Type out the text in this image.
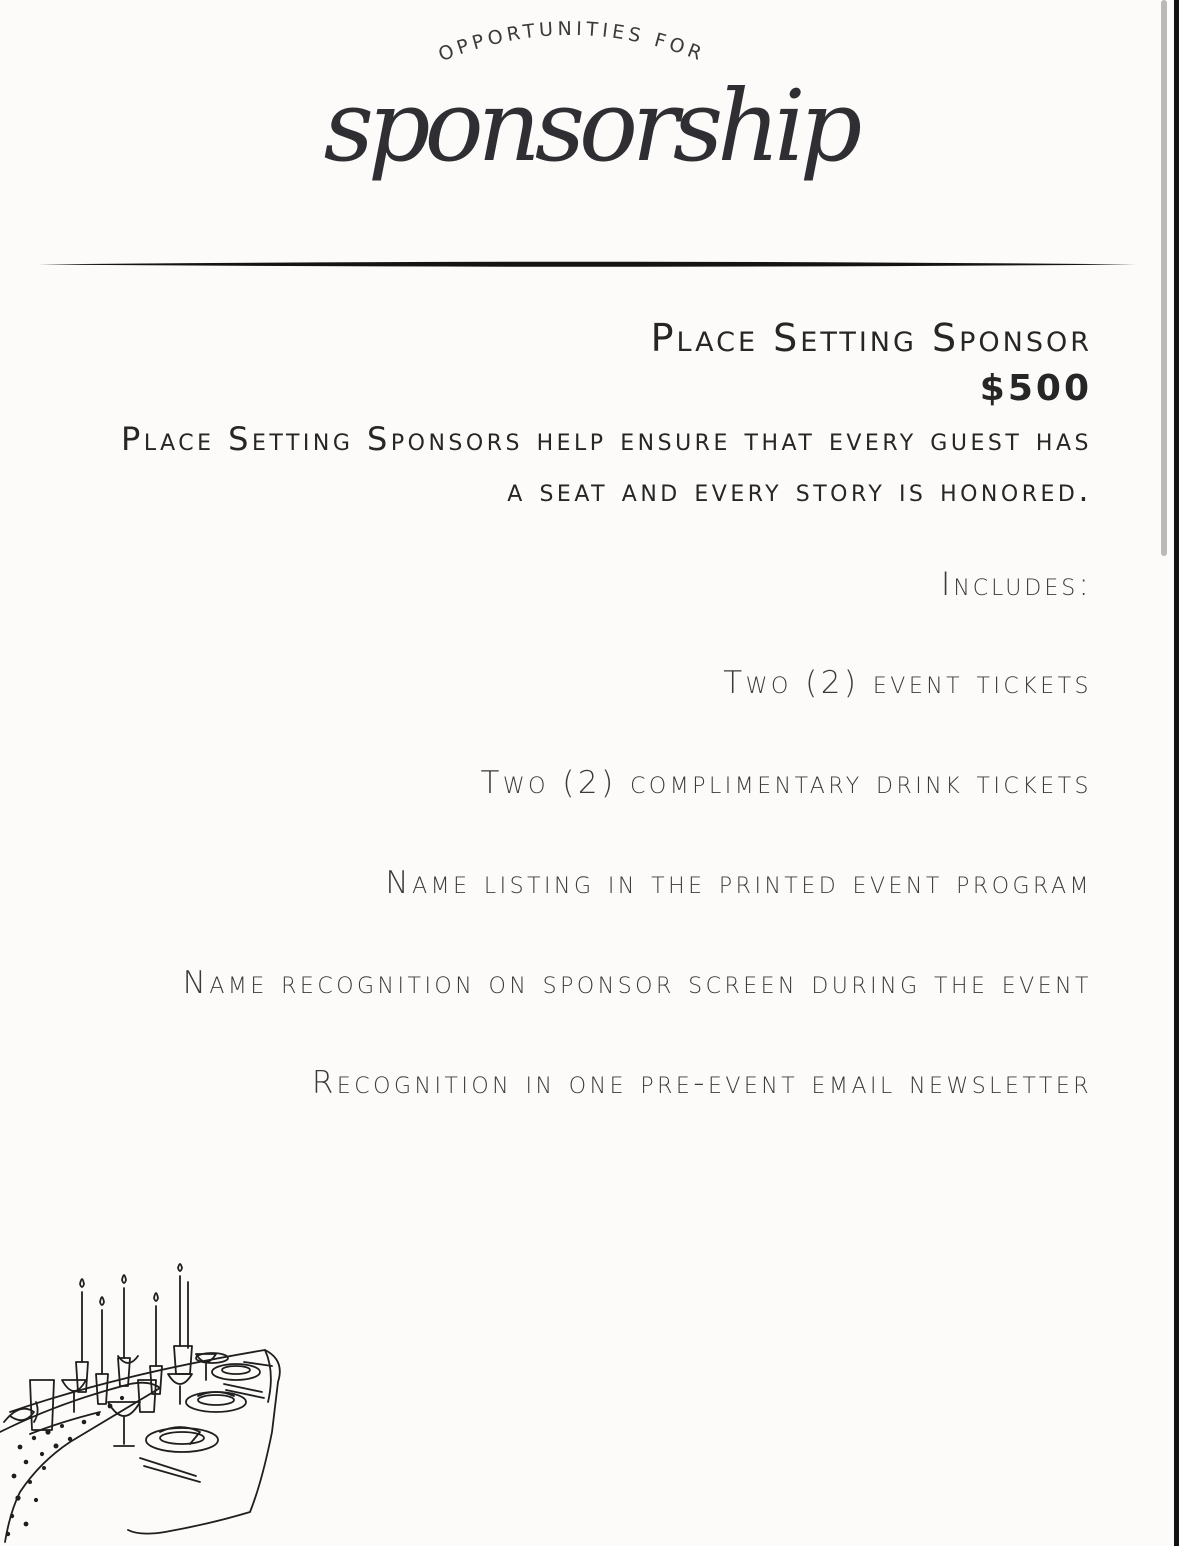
OPPORTUNITIES FOR
sponsorship
Place Setting Sponsor
$500

Place Setting Sponsors help ensure that every guest has a seat and every story is honored.

Includes:
Two (2) event tickets
Two (2) complimentary drink tickets
Name listing in the printed event program
Name recognition on sponsor screen during the event
Recognition in one pre-event email newsletter
